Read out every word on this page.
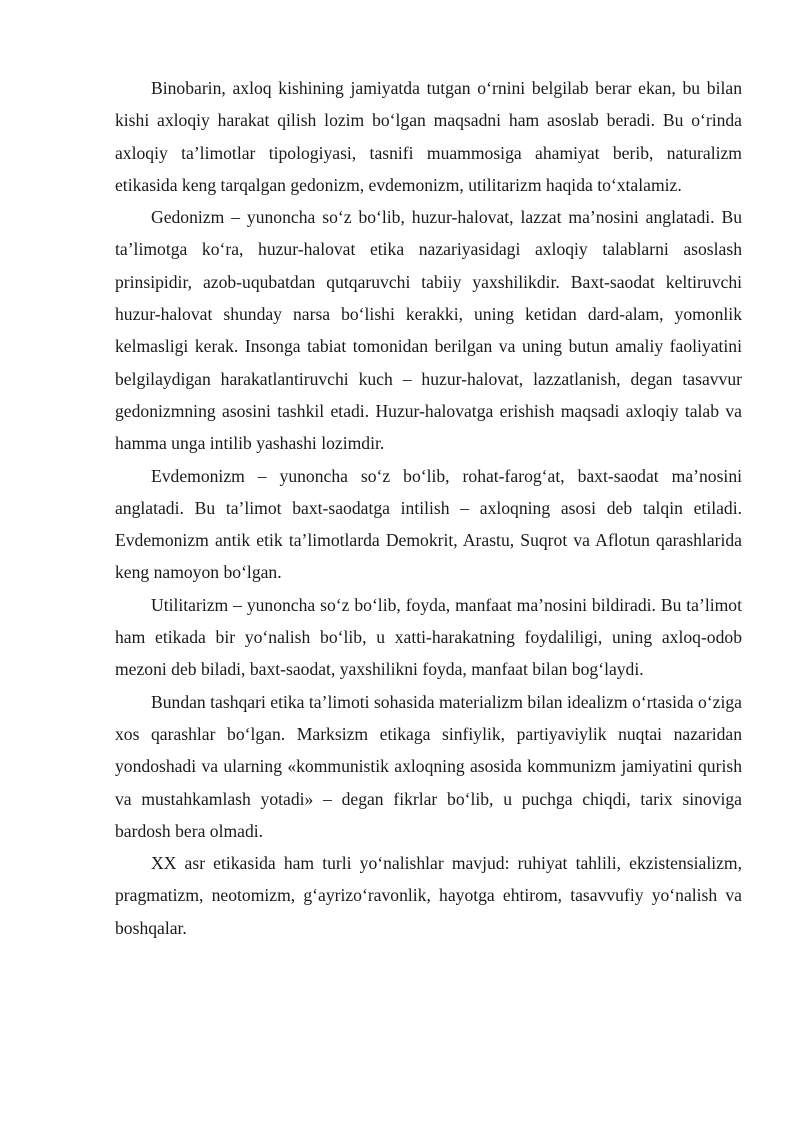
Binobarin, axloq kishining jamiyatda tutgan o‘rnini belgilab berar ekan, bu bilan kishi axloqiy harakat qilish lozim bo‘lgan maqsadni ham asoslab beradi. Bu o‘rinda axloqiy ta’limotlar tipologiyasi, tasnifi muammosiga ahamiyat berib, naturalizm etikasida keng tarqalgan gedonizm, evdemonizm, utilitarizm haqida to‘xtalamiz.

Gedonizm – yunoncha so‘z bo‘lib, huzur-halovat, lazzat ma’nosini anglatadi. Bu ta’limotga ko‘ra, huzur-halovat etika nazariyasidagi axloqiy talablarni asoslash prinsipidir, azob-uqubatdan qutqaruvchi tabiiy yaxshilikdir. Baxt-saodat keltiruvchi huzur-halovat shunday narsa bo‘lishi kerakki, uning ketidan dard-alam, yomonlik kelmasligi kerak. Insonga tabiat tomonidan berilgan va uning butun amaliy faoliyatini belgilaydigan harakatlantiruvchi kuch – huzur-halovat, lazzatlanish, degan tasavvur gedonizmning asosini tashkil etadi. Huzur-halovatga erishish maqsadi axloqiy talab va hamma unga intilib yashashi lozimdir.

Evdemonizm – yunoncha so‘z bo‘lib, rohat-farog‘at, baxt-saodat ma’nosini anglatadi. Bu ta’limot baxt-saodatga intilish – axloqning asosi deb talqin etiladi. Evdemonizm antik etik ta’limotlarda Demokrit, Arastu, Suqrot va Aflotun qarashlarida keng namoyon bo‘lgan.

Utilitarizm – yunoncha so‘z bo‘lib, foyda, manfaat ma’nosini bildiradi. Bu ta’limot ham etikada bir yo‘nalish bo‘lib, u xatti-harakatning foydaliligi, uning axloq-odob mezoni deb biladi, baxt-saodat, yaxshilikni foyda, manfaat bilan bog‘laydi.

Bundan tashqari etika ta’limoti sohasida materializm bilan idealizm o‘rtasida o‘ziga xos qarashlar bo‘lgan. Marksizm etikaga sinfiylik, partiyaviylik nuqtai nazaridan yondoshadi va ularning «kommunistik axloqning asosida kommunizm jamiyatini qurish va mustahkamlash yotadi» – degan fikrlar bo‘lib, u puchga chiqdi, tarix sinoviga bardosh bera olmadi.

XX asr etikasida ham turli yo‘nalishlar mavjud: ruhiyat tahlili, ekzistensializm, pragmatizm, neotomizm, g‘ayrizo‘ravonlik, hayotga ehtirom, tasavvufiy yo‘nalish va boshqalar.
